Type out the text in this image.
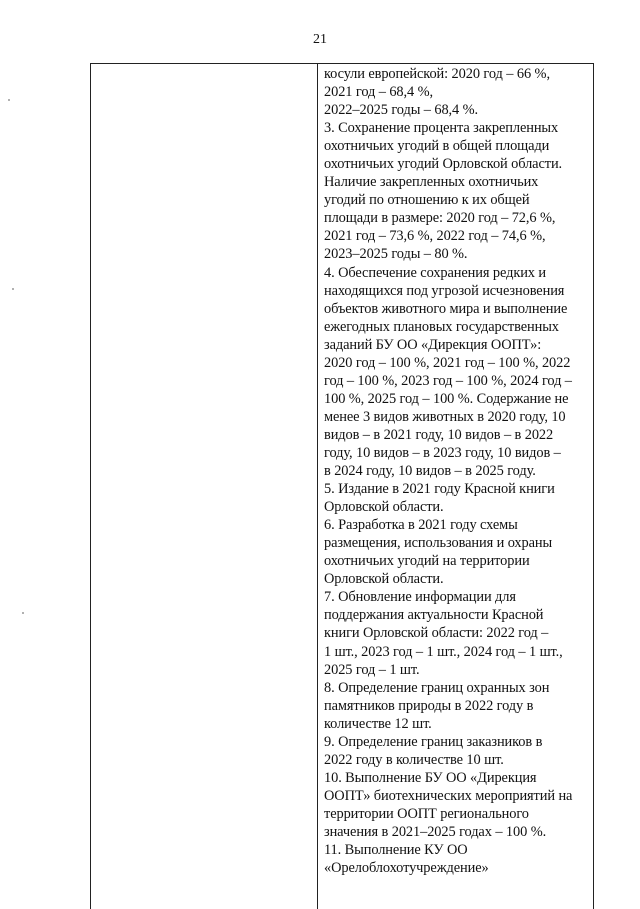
21
косули европейской: 2020 год – 66 %,
2021 год – 68,4 %,
2022–2025 годы – 68,4 %.
3. Сохранение процента закрепленных
охотничьих угодий в общей площади
охотничьих угодий Орловской области.
Наличие закрепленных охотничьих
угодий по отношению к их общей
площади в размере: 2020 год – 72,6 %,
2021 год – 73,6 %, 2022 год – 74,6 %,
2023–2025 годы – 80 %.
4. Обеспечение сохранения редких и
находящихся под угрозой исчезновения
объектов животного мира и выполнение
ежегодных плановых государственных
заданий БУ ОО «Дирекция ООПТ»:
2020 год – 100 %, 2021 год – 100 %, 2022
год – 100 %, 2023 год – 100 %, 2024 год –
100 %, 2025 год – 100 %. Содержание не
менее 3 видов животных в 2020 году, 10
видов – в 2021 году, 10 видов – в 2022
году, 10 видов – в 2023 году, 10 видов –
в 2024 году, 10 видов – в 2025 году.
5. Издание в 2021 году Красной книги
Орловской области.
6. Разработка в 2021 году схемы
размещения, использования и охраны
охотничьих угодий на территории
Орловской области.
7. Обновление информации для
поддержания актуальности Красной
книги Орловской области: 2022 год –
1 шт., 2023 год – 1 шт., 2024 год – 1 шт.,
2025 год – 1 шт.
8. Определение границ охранных зон
памятников природы в 2022 году в
количестве 12 шт.
9. Определение границ заказников в
2022 году в количестве 10 шт.
10. Выполнение БУ ОО «Дирекция
ООПТ» биотехнических мероприятий на
территории ООПТ регионального
значения в 2021–2025 годах – 100 %.
11. Выполнение КУ ОО
«Орелоблохотучреждение»
